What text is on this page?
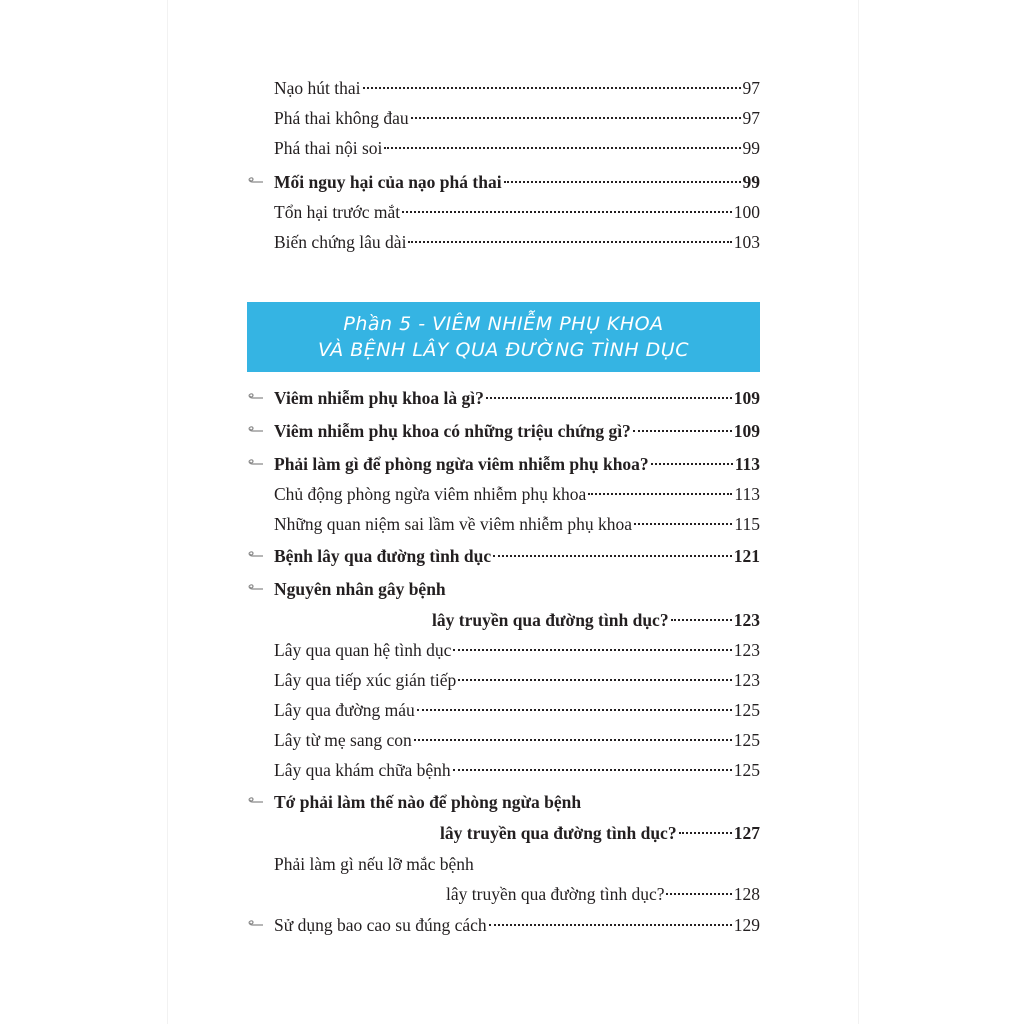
Nạo hút thai	97
Phá thai không đau	97
Phá thai nội soi	99
Mối nguy hại của nạo phá thai	99
Tổn hại trước mắt	100
Biến chứng lâu dài	103
Phần 5 - VIÊM NHIỄM PHỤ KHOA
VÀ BỆNH LÂY QUA ĐƯỜNG TÌNH DỤC
Viêm nhiễm phụ khoa là gì?	109
Viêm nhiễm phụ khoa có những triệu chứng gì?	109
Phải làm gì để phòng ngừa viêm nhiễm phụ khoa?	113
Chủ động phòng ngừa viêm nhiễm phụ khoa	113
Những quan niệm sai lầm về viêm nhiễm phụ khoa	115
Bệnh lây qua đường tình dục	121
Nguyên nhân gây bệnh
lây truyền qua đường tình dục?	123
Lây qua quan hệ tình dục	123
Lây qua tiếp xúc gián tiếp	123
Lây qua đường máu	125
Lây từ mẹ sang con	125
Lây qua khám chữa bệnh	125
Tớ phải làm thế nào để phòng ngừa bệnh
lây truyền qua đường tình dục?	127
Phải làm gì nếu lỡ mắc bệnh
lây truyền qua đường tình dục?	128
Sử dụng bao cao su đúng cách	129
